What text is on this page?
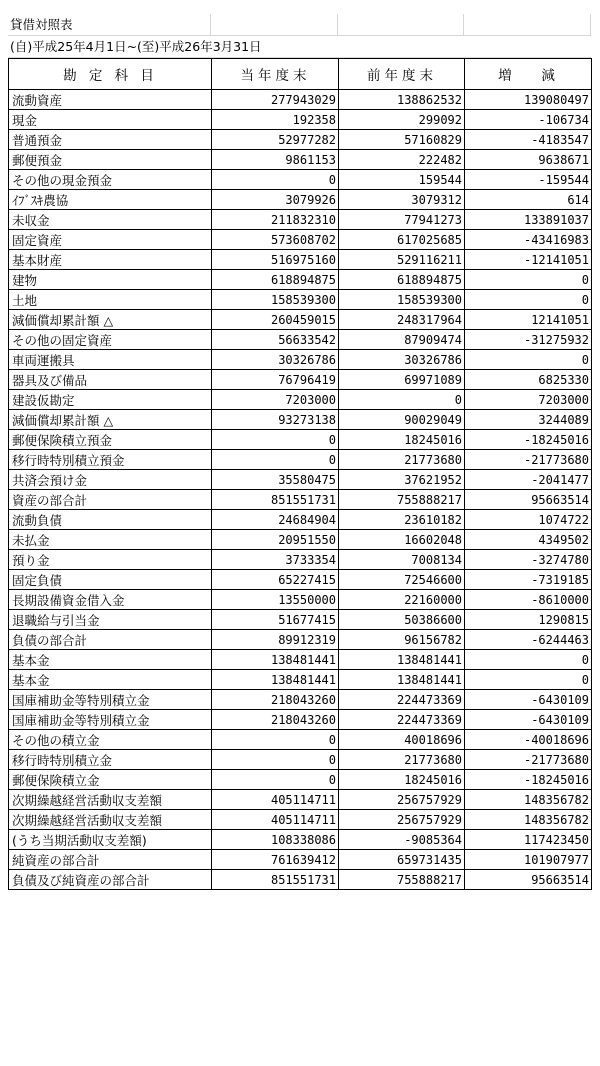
貸借対照表
(自)平成25年4月1日~(至)平成26年3月31日
勘 定 科 目	当年度末	前年度末	増　 減
流動資産	277943029	138862532	139080497
現金	192358	299092	-106734
普通預金	52977282	57160829	-4183547
郵便預金	9861153	222482	9638671
その他の現金預金	0	159544	-159544
ｲﾌﾞｽｷ農協	3079926	3079312	614
未収金	211832310	77941273	133891037
固定資産	573608702	617025685	-43416983
基本財産	516975160	529116211	-12141051
建物	618894875	618894875	0
土地	158539300	158539300	0
減価償却累計額 △	260459015	248317964	12141051
その他の固定資産	56633542	87909474	-31275932
車両運搬具	30326786	30326786	0
器具及び備品	76796419	69971089	6825330
建設仮勘定	7203000	0	7203000
減価償却累計額 △	93273138	90029049	3244089
郵便保険積立預金	0	18245016	-18245016
移行時特別積立預金	0	21773680	-21773680
共済会預け金	35580475	37621952	-2041477
資産の部合計	851551731	755888217	95663514
流動負債	24684904	23610182	1074722
未払金	20951550	16602048	4349502
預り金	3733354	7008134	-3274780
固定負債	65227415	72546600	-7319185
長期設備資金借入金	13550000	22160000	-8610000
退職給与引当金	51677415	50386600	1290815
負債の部合計	89912319	96156782	-6244463
基本金	138481441	138481441	0
基本金	138481441	138481441	0
国庫補助金等特別積立金	218043260	224473369	-6430109
国庫補助金等特別積立金	218043260	224473369	-6430109
その他の積立金	0	40018696	-40018696
移行時特別積立金	0	21773680	-21773680
郵便保険積立金	0	18245016	-18245016
次期繰越経営活動収支差額	405114711	256757929	148356782
次期繰越経営活動収支差額	405114711	256757929	148356782
(うち当期活動収支差額)	108338086	-9085364	117423450
純資産の部合計	761639412	659731435	101907977
負債及び純資産の部合計	851551731	755888217	95663514
